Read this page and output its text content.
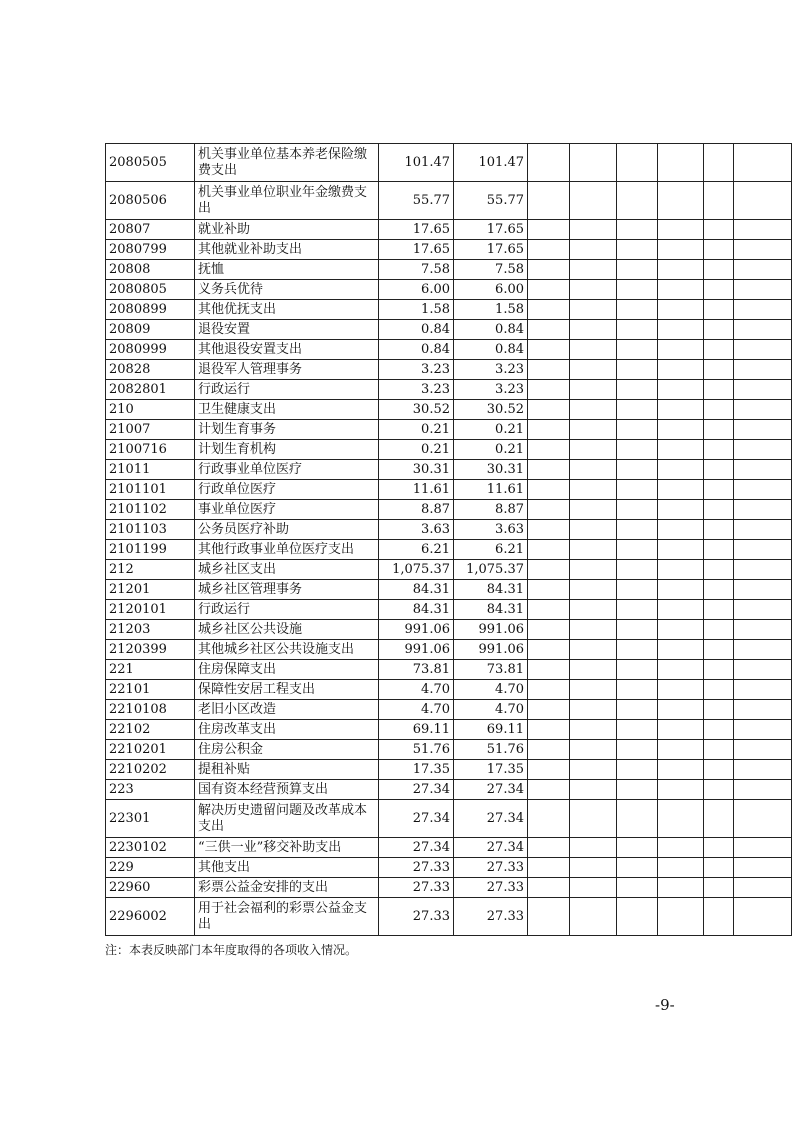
2080505	机关事业单位基本养老保险缴费支出	101.47	101.47						
2080506	机关事业单位职业年金缴费支出	55.77	55.77						
20807	就业补助	17.65	17.65						
2080799	其他就业补助支出	17.65	17.65						
20808	抚恤	7.58	7.58						
2080805	义务兵优待	6.00	6.00						
2080899	其他优抚支出	1.58	1.58						
20809	退役安置	0.84	0.84						
2080999	其他退役安置支出	0.84	0.84						
20828	退役军人管理事务	3.23	3.23						
2082801	行政运行	3.23	3.23						
210	卫生健康支出	30.52	30.52						
21007	计划生育事务	0.21	0.21						
2100716	计划生育机构	0.21	0.21						
21011	行政事业单位医疗	30.31	30.31						
2101101	行政单位医疗	11.61	11.61						
2101102	事业单位医疗	8.87	8.87						
2101103	公务员医疗补助	3.63	3.63						
2101199	其他行政事业单位医疗支出	6.21	6.21						
212	城乡社区支出	1,075.37	1,075.37						
21201	城乡社区管理事务	84.31	84.31						
2120101	行政运行	84.31	84.31						
21203	城乡社区公共设施	991.06	991.06						
2120399	其他城乡社区公共设施支出	991.06	991.06						
221	住房保障支出	73.81	73.81						
22101	保障性安居工程支出	4.70	4.70						
2210108	老旧小区改造	4.70	4.70						
22102	住房改革支出	69.11	69.11						
2210201	住房公积金	51.76	51.76						
2210202	提租补贴	17.35	17.35						
223	国有资本经营预算支出	27.34	27.34						
22301	解决历史遗留问题及改革成本支出	27.34	27.34						
2230102	“三供一业”移交补助支出	27.34	27.34						
229	其他支出	27.33	27.33						
22960	彩票公益金安排的支出	27.33	27.33						
2296002	用于社会福利的彩票公益金支出	27.33	27.33						
注：本表反映部门本年度取得的各项收入情况。
-9-
